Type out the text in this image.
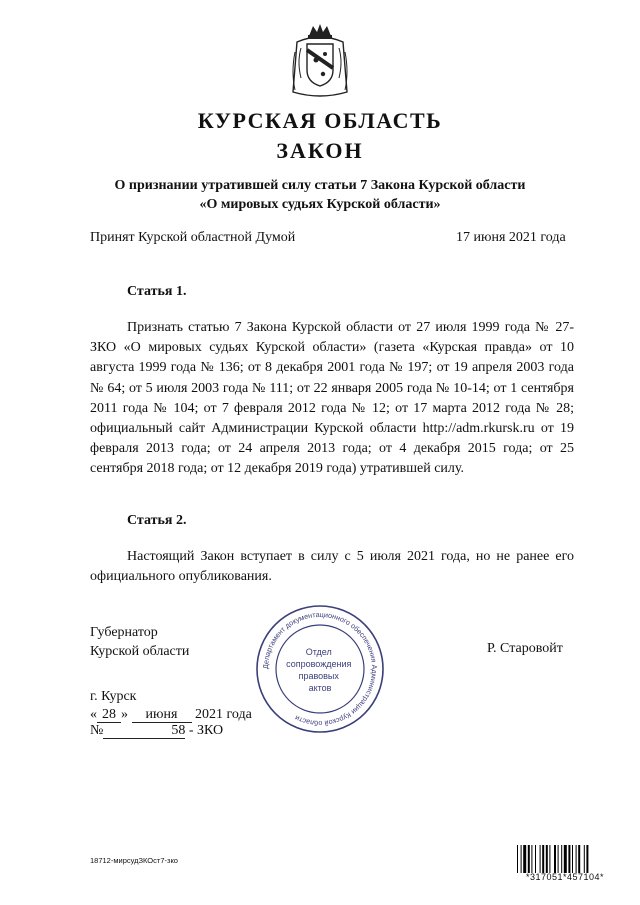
КУРСКАЯ ОБЛАСТЬ
ЗАКОН
О признании утратившей силу статьи 7 Закона Курской области
«О мировых судьях Курской области»
Принят Курской областной Думой	17 июня 2021 года
Статья 1.
Признать статью 7 Закона Курской области от 27 июля 1999 года № 27-ЗКО «О мировых судьях Курской области» (газета «Курская правда» от 10 августа 1999 года № 136; от 8 декабря 2001 года № 197; от 19 апреля 2003 года № 64; от 5 июля 2003 года № 111; от 22 января 2005 года № 10-14; от 1 сентября 2011 года № 104; от 7 февраля 2012 года № 12; от 17 марта 2012 года № 28; официальный сайт Администрации Курской области http://adm.rkursk.ru от 19 февраля 2013 года; от 24 апреля 2013 года; от 4 декабря 2015 года; от 25 сентября 2018 года; от 12 декабря 2019 года) утратившей силу.
Статья 2.
Настоящий Закон вступает в силу с 5 июля 2021 года, но не ранее его официального опубликования.
Губернатор
Курской области	Р. Старовойт
г. Курск
« 28 » июня 2021 года
№	58 - ЗКО
Департамент документационного обеспечения Администрации Курской области
Отдел сопровождения правовых актов
18712-мирсудЗКОст7-зко
*317051*457104*
